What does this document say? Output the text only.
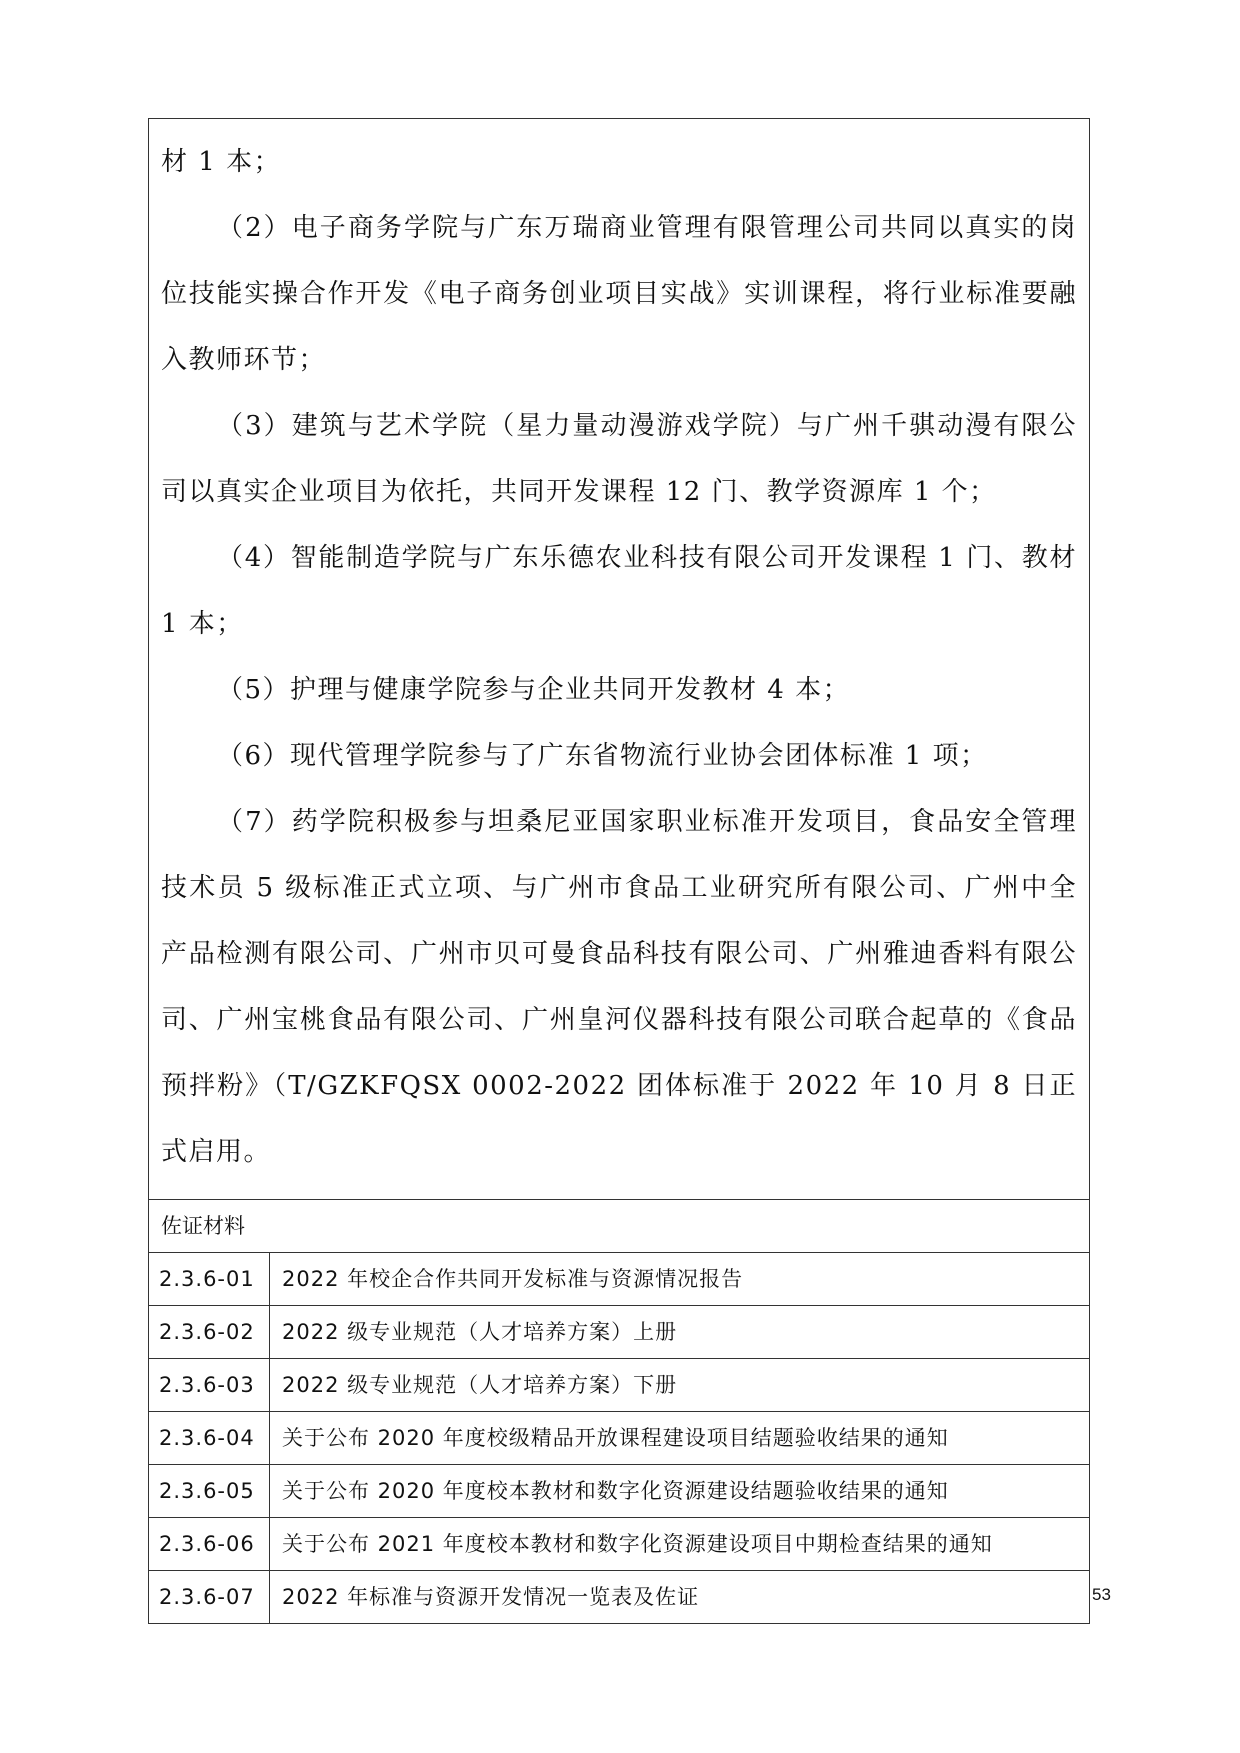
材 1 本；

（2）电子商务学院与广东万瑞商业管理有限管理公司共同以真实的岗位技能实操合作开发《电子商务创业项目实战》实训课程，将行业标准要融入教师环节；

（3）建筑与艺术学院（星力量动漫游戏学院）与广州千骐动漫有限公司以真实企业项目为依托，共同开发课程 12 门、教学资源库 1 个；

（4）智能制造学院与广东乐德农业科技有限公司开发课程 1 门、教材 1 本；

（5）护理与健康学院参与企业共同开发教材 4 本；

（6）现代管理学院参与了广东省物流行业协会团体标准 1 项；

（7）药学院积极参与坦桑尼亚国家职业标准开发项目，食品安全管理技术员 5 级标准正式立项、与广州市食品工业研究所有限公司、广州中全产品检测有限公司、广州市贝可曼食品科技有限公司、广州雅迪香料有限公司、广州宝桃食品有限公司、广州皇河仪器科技有限公司联合起草的《食品预拌粉》（T/GZKFQSX 0002-2022 团体标准于 2022 年 10 月 8 日正式启用。

佐证材料
2.3.6-01	2022 年校企合作共同开发标准与资源情况报告
2.3.6-02	2022 级专业规范（人才培养方案）上册
2.3.6-03	2022 级专业规范（人才培养方案）下册
2.3.6-04	关于公布 2020 年度校级精品开放课程建设项目结题验收结果的通知
2.3.6-05	关于公布 2020 年度校本教材和数字化资源建设结题验收结果的通知
2.3.6-06	关于公布 2021 年度校本教材和数字化资源建设项目中期检查结果的通知
2.3.6-07	2022 年标准与资源开发情况一览表及佐证	53
